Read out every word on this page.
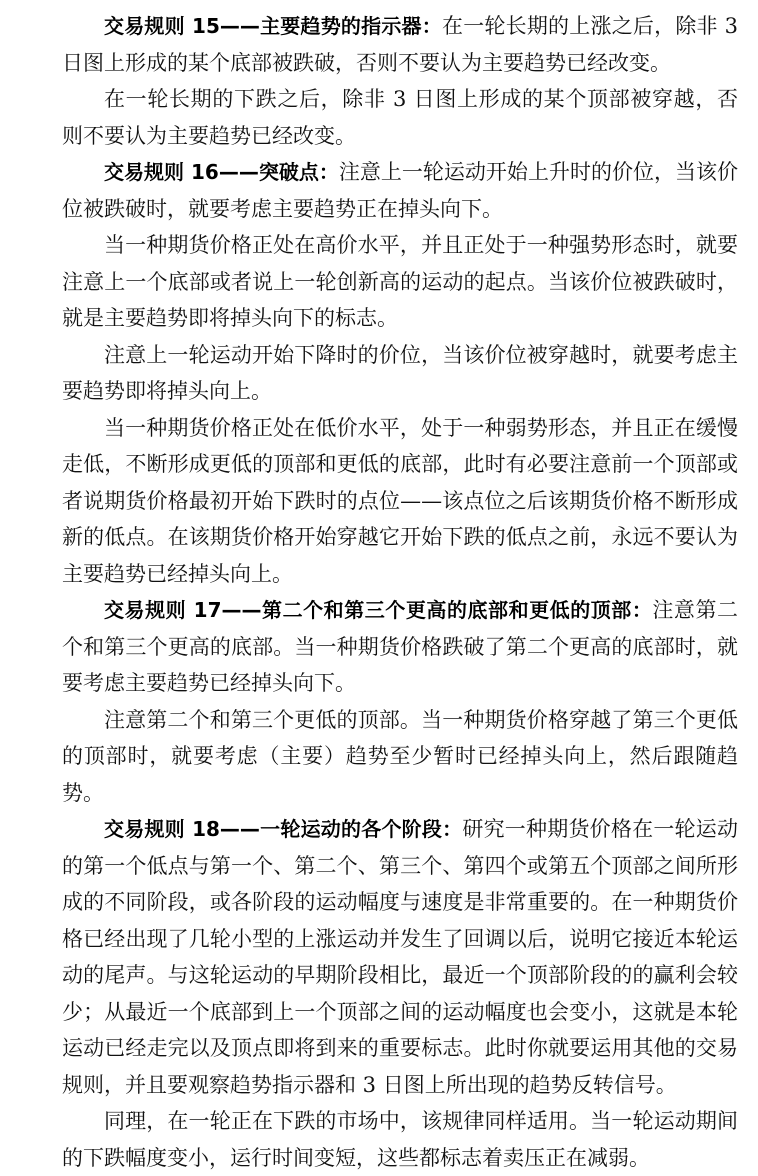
交易规则 15——主要趋势的指示器：在一轮长期的上涨之后，除非 3 日图上形成的某个底部被跌破，否则不要认为主要趋势已经改变。

在一轮长期的下跌之后，除非 3 日图上形成的某个顶部被穿越，否则不要认为主要趋势已经改变。

交易规则 16——突破点：注意上一轮运动开始上升时的价位，当该价位被跌破时，就要考虑主要趋势正在掉头向下。

当一种期货价格正处在高价水平，并且正处于一种强势形态时，就要注意上一个底部或者说上一轮创新高的运动的起点。当该价位被跌破时，就是主要趋势即将掉头向下的标志。

注意上一轮运动开始下降时的价位，当该价位被穿越时，就要考虑主要趋势即将掉头向上。

当一种期货价格正处在低价水平，处于一种弱势形态，并且正在缓慢走低，不断形成更低的顶部和更低的底部，此时有必要注意前一个顶部或者说期货价格最初开始下跌时的点位——该点位之后该期货价格不断形成新的低点。在该期货价格开始穿越它开始下跌的低点之前，永远不要认为主要趋势已经掉头向上。

交易规则 17——第二个和第三个更高的底部和更低的顶部：注意第二个和第三个更高的底部。当一种期货价格跌破了第二个更高的底部时，就要考虑主要趋势已经掉头向下。

注意第二个和第三个更低的顶部。当一种期货价格穿越了第三个更低的顶部时，就要考虑（主要）趋势至少暂时已经掉头向上，然后跟随趋势。

交易规则 18——一轮运动的各个阶段：研究一种期货价格在一轮运动的第一个低点与第一个、第二个、第三个、第四个或第五个顶部之间所形成的不同阶段，或各阶段的运动幅度与速度是非常重要的。在一种期货价格已经出现了几轮小型的上涨运动并发生了回调以后，说明它接近本轮运动的尾声。与这轮运动的早期阶段相比，最近一个顶部阶段的的赢利会较少；从最近一个底部到上一个顶部之间的运动幅度也会变小，这就是本轮运动已经走完以及顶点即将到来的重要标志。此时你就要运用其他的交易规则，并且要观察趋势指示器和 3 日图上所出现的趋势反转信号。

同理，在一轮正在下跌的市场中，该规律同样适用。当一轮运动期间的下跌幅度变小，运行时间变短，这些都标志着卖压正在减弱。
